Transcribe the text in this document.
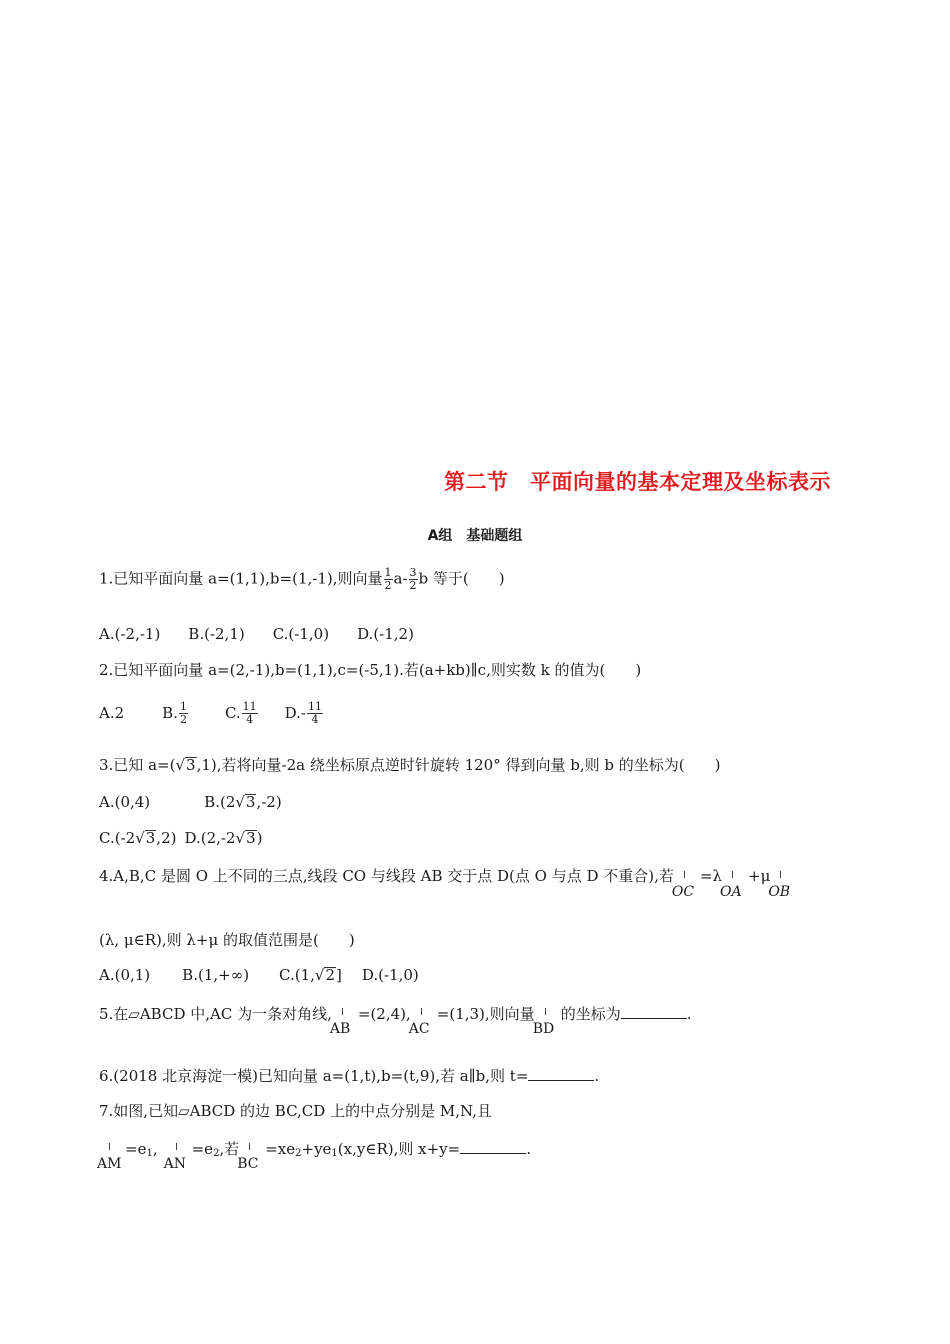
第二节　平面向量的基本定理及坐标表示
A组　基础题组
1.已知平面向量 a=(1,1),b=(1,-1),则向量 $\frac{1}{2} a- \frac{3}{2}$ b 等于(　　)
A.(-2,-1) B.(-2,1) C.(-1,0) D.(-1,2)
2.已知平面向量 a=(2,-1),b=(1,1),c=(-5,1).若(a+kb)∥c,则实数 k 的值为(　　)
A.2	B. $\frac{1}{2} C$. $\frac{11}{4} D.- \frac{11}{4}$
3.已知 a=(√3,1),若将向量-2a 绕坐标原点逆时针旋转 120° 得到向量 b,则 b 的坐标为(　　)
A.(0,4)	B.(2√3,-2)
C.(-2√3,2) D.(2,-2√3)
4.A,B,C 是圆 O 上不同的三点,线段 CO 与线段 AB 交于点 D(点 O 与点 D 不重合),若
OC
=λ
OA
+μ
OB
(λ, μ∈R),则 λ+μ 的取值范围是(　　)
A.(0,1) B.(1,+∞) C.(1,√2] D.(-1,0)
5.在▱ABCD 中,AC 为一条对角线,
AB
=(2,4),
AC
=(1,3),则向量
BD
的坐标为	.
6.(2018 北京海淀一模)已知向量 a=(1,t),b=(t,9),若 a∥b,则 t=	.
7.如图,已知▱ABCD 的边 BC,CD 上的中点分别是 M,N,且
AM
$=e_1$,
AN
$=e_2$,若
BC
$=xe_2+ye_1(x,y\in R)$,则 x+y=	.
